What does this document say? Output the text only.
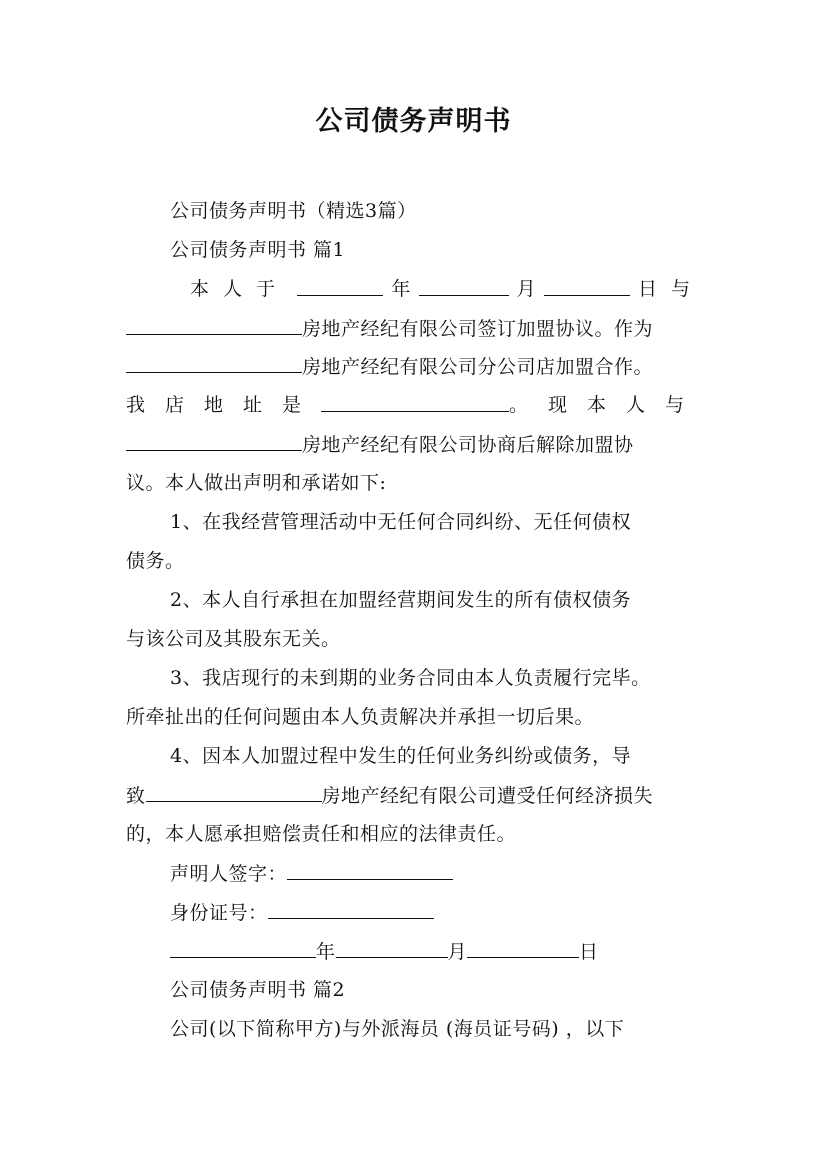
公司债务声明书
公司债务声明书（精选3篇）
公司债务声明书 篇1
本人于	年	月	日与
房地产经纪有限公司签订加盟协议。作为
房地产经纪有限公司分公司店加盟合作。
我店地址是	。现本人与
房地产经纪有限公司协商后解除加盟协
议。本人做出声明和承诺如下:
1、在我经营管理活动中无任何合同纠纷、无任何债权
债务。
2、本人自行承担在加盟经营期间发生的所有债权债务
与该公司及其股东无关。
3、我店现行的未到期的业务合同由本人负责履行完毕。
所牵扯出的任何问题由本人负责解决并承担一切后果。
4、因本人加盟过程中发生的任何业务纠纷或债务，导
致	房地产经纪有限公司遭受任何经济损失
的，本人愿承担赔偿责任和相应的法律责任。
声明人签字：
身份证号：
年	月	日
公司债务声明书 篇2
公司(以下简称甲方)与外派海员 (海员证号码) ，以下
